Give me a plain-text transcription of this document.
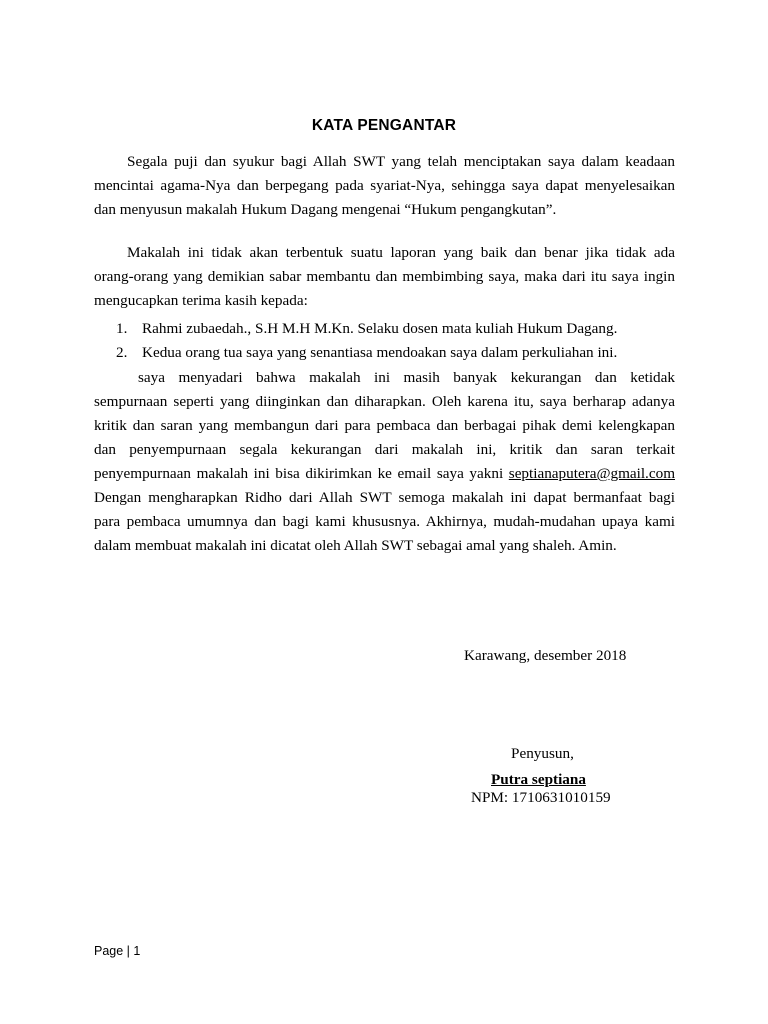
KATA PENGANTAR
Segala puji dan syukur bagi Allah SWT yang telah menciptakan saya dalam keadaan
mencintai agama-Nya dan berpegang pada syariat-Nya, sehingga saya dapat menyelesaikan
dan menyusun makalah Hukum Dagang mengenai “Hukum pengangkutan”.
Makalah ini tidak akan terbentuk suatu laporan yang baik dan benar jika tidak ada
orang-orang yang demikian sabar membantu dan membimbing saya, maka dari itu saya ingin
mengucapkan terima kasih kepada:
1. Rahmi zubaedah., S.H M.H M.Kn. Selaku dosen mata kuliah Hukum Dagang.
2. Kedua orang tua saya yang senantiasa mendoakan saya dalam perkuliahan ini.
saya menyadari bahwa makalah ini masih banyak kekurangan dan ketidak
sempurnaan seperti yang diinginkan dan diharapkan. Oleh karena itu, saya berharap adanya
kritik dan saran yang membangun dari para pembaca dan berbagai pihak demi kelengkapan
dan penyempurnaan segala kekurangan dari makalah ini, kritik dan saran terkait
penyempurnaan makalah ini bisa dikirimkan ke email saya yakni septianaputera@gmail.com
Dengan mengharapkan Ridho dari Allah SWT semoga makalah ini dapat bermanfaat bagi
para pembaca umumnya dan bagi kami khususnya. Akhirnya, mudah-mudahan upaya kami
dalam membuat makalah ini dicatat oleh Allah SWT sebagai amal yang shaleh. Amin.
Karawang, desember 2018
Penyusun,
Putra septiana
NPM: 1710631010159
Page | 1
